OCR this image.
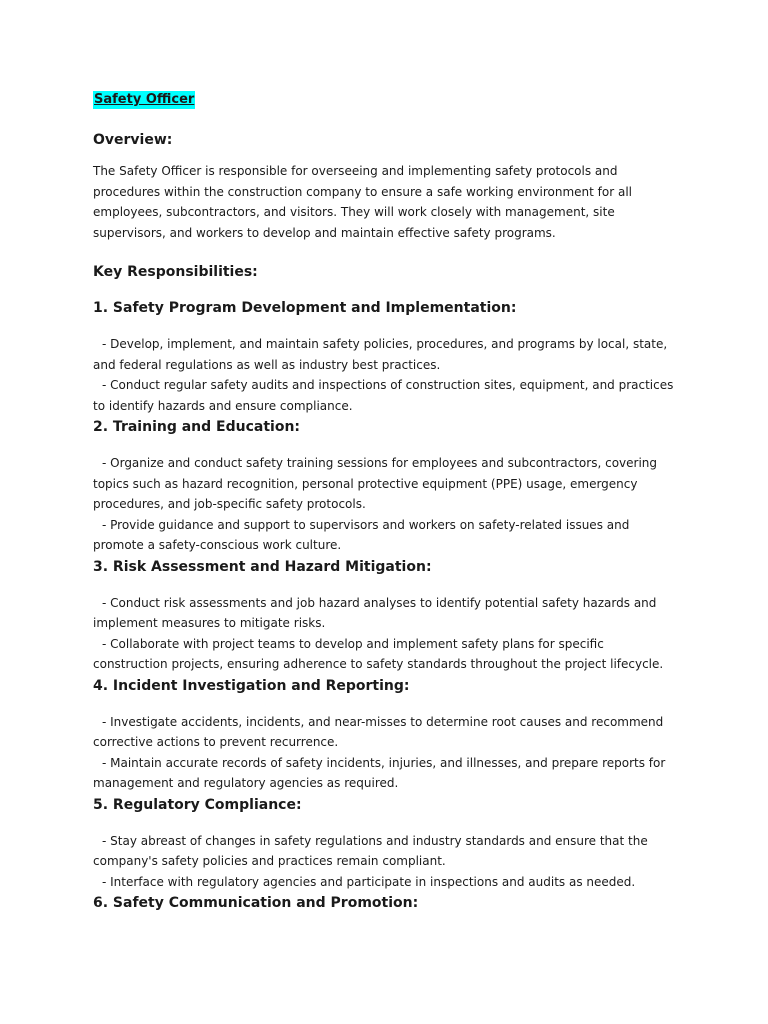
Safety Officer
Overview:

The Safety Officer is responsible for overseeing and implementing safety protocols and procedures within the construction company to ensure a safe working environment for all employees, subcontractors, and visitors. They will work closely with management, site supervisors, and workers to develop and maintain effective safety programs.

Key Responsibilities:
1. Safety Program Development and Implementation:
- Develop, implement, and maintain safety policies, procedures, and programs by local, state, and federal regulations as well as industry best practices.
- Conduct regular safety audits and inspections of construction sites, equipment, and practices to identify hazards and ensure compliance.
2. Training and Education:
- Organize and conduct safety training sessions for employees and subcontractors, covering topics such as hazard recognition, personal protective equipment (PPE) usage, emergency procedures, and job-specific safety protocols.
- Provide guidance and support to supervisors and workers on safety-related issues and promote a safety-conscious work culture.
3. Risk Assessment and Hazard Mitigation:
- Conduct risk assessments and job hazard analyses to identify potential safety hazards and implement measures to mitigate risks.
- Collaborate with project teams to develop and implement safety plans for specific construction projects, ensuring adherence to safety standards throughout the project lifecycle.
4. Incident Investigation and Reporting:
- Investigate accidents, incidents, and near-misses to determine root causes and recommend corrective actions to prevent recurrence.
- Maintain accurate records of safety incidents, injuries, and illnesses, and prepare reports for management and regulatory agencies as required.
5. Regulatory Compliance:
- Stay abreast of changes in safety regulations and industry standards and ensure that the company's safety policies and practices remain compliant.
- Interface with regulatory agencies and participate in inspections and audits as needed.
6. Safety Communication and Promotion:
